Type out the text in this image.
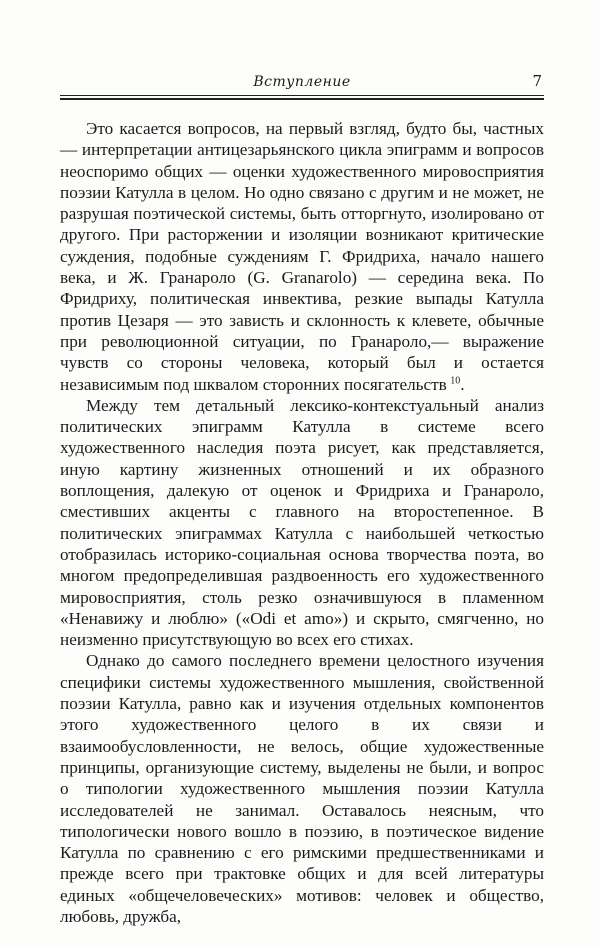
Вступление	7

Это касается вопросов, на первый взгляд, будто бы, частных — интерпретации антицезарьянского цикла эпиграмм и вопросов неоспоримо общих — оценки художественного мировосприятия поэзии Катулла в целом. Но одно связано с другим и не может, не разрушая поэтической системы, быть отторгнуто, изолировано от другого. При расторжении и изоляции возникают критические суждения, подобные суждениям Г. Фридриха, начало нашего века, и Ж. Гранароло (G. Granarolo) — середина века. По Фридриху, политическая инвектива, резкие выпады Катулла против Цезаря — это зависть и склонность к клевете, обычные при революционной ситуации, по Гранароло,— выражение чувств со стороны человека, который был и остается независимым под шквалом сторонних посягательств  $^{10}$.

Между тем детальный лексико-контекстуальный анализ политических эпиграмм Катулла в системе всего художественного наследия поэта рисует, как представляется, иную картину жизненных отношений и их образного воплощения, далекую от оценок и Фридриха и Гранароло, сместивших акценты с главного на второстепенное. В политических эпиграммах Катулла с наибольшей четкостью отобразилась историко-социальная основа творчества поэта, во многом предопределившая раздвоенность его художественного мировосприятия, столь резко означившуюся в пламенном «Ненавижу и люблю» («Odi et amo») и скрыто, смягченно, но неизменно присутствующую во всех его стихах.

Однако до самого последнего времени целостного изучения специфики системы художественного мышления, свойственной поэзии Катулла, равно как и изучения отдельных компонентов этого художественного целого в их связи и взаимообусловленности, не велось, общие художественные принципы, организующие систему, выделены не были, и вопрос о типологии художественного мышления поэзии Катулла исследователей не занимал. Оставалось неясным, что типологически нового вошло в поэзию, в поэтическое видение Катулла по сравнению с его римскими предшественниками и прежде всего при трактовке общих и для всей литературы единых «общечеловеческих» мотивов: человек и общество, любовь, дружба,
